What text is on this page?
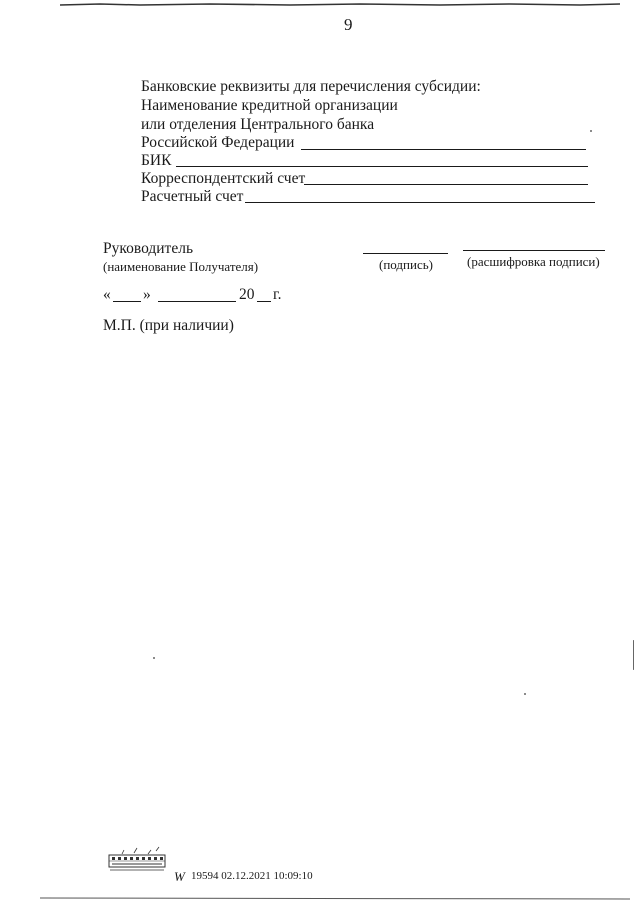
9
Банковские реквизиты для перечисления субсидии:
Наименование кредитной организации
или отделения Центрального банка
Российской Федерации
БИК
Корреспондентский счет
Расчетный счет
Руководитель
(наименование Получателя)	(подпись)	(расшифровка подписи)
« »	20 г.
М.П. (при наличии)
W 19594 02.12.2021 10:09:10
